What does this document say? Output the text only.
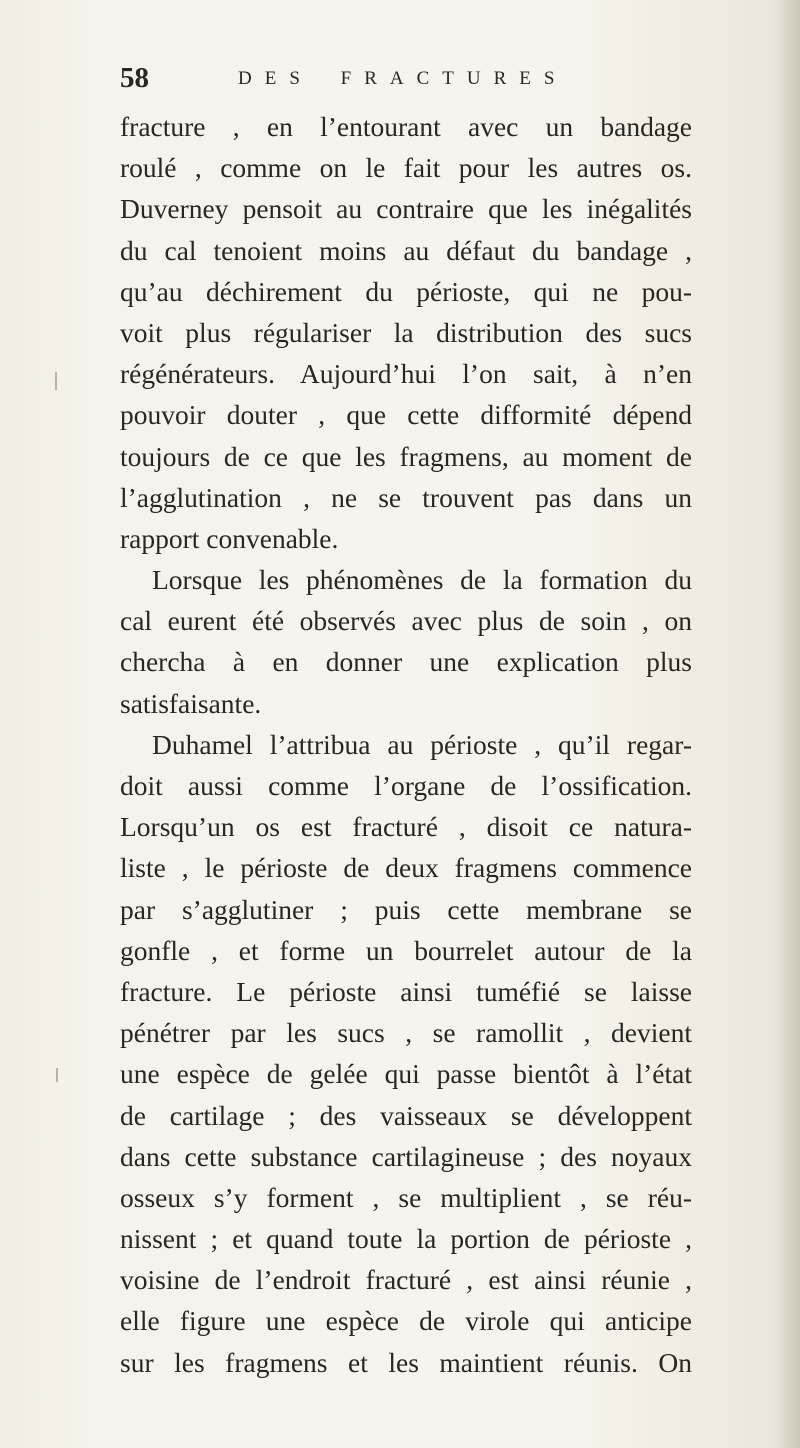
58	DES FRACTURES
fracture , en l’entourant avec un bandage
roulé , comme on le fait pour les autres os.
Duverney pensoit au contraire que les inégalités
du cal tenoient moins au défaut du bandage ,
qu’au déchirement du périoste, qui ne pou-
voit plus régulariser la distribution des sucs
régénérateurs. Aujourd’hui l’on sait, à n’en
pouvoir douter , que cette difformité dépend
toujours de ce que les fragmens, au moment de
l’agglutination , ne se trouvent pas dans un
rapport convenable.
Lorsque les phénomènes de la formation du
cal eurent été observés avec plus de soin , on
chercha à en donner une explication plus
satisfaisante.
Duhamel l’attribua au périoste , qu’il regar-
doit aussi comme l’organe de l’ossification.
Lorsqu’un os est fracturé , disoit ce natura-
liste , le périoste de deux fragmens commence
par s’agglutiner ; puis cette membrane se
gonfle , et forme un bourrelet autour de la
fracture. Le périoste ainsi tuméfié se laisse
pénétrer par les sucs , se ramollit , devient
une espèce de gelée qui passe bientôt à l’état
de cartilage ; des vaisseaux se développent
dans cette substance cartilagineuse ; des noyaux
osseux s’y forment , se multiplient , se réu-
nissent ; et quand toute la portion de périoste ,
voisine de l’endroit fracturé , est ainsi réunie ,
elle figure une espèce de virole qui anticipe
sur les fragmens et les maintient réunis. On
